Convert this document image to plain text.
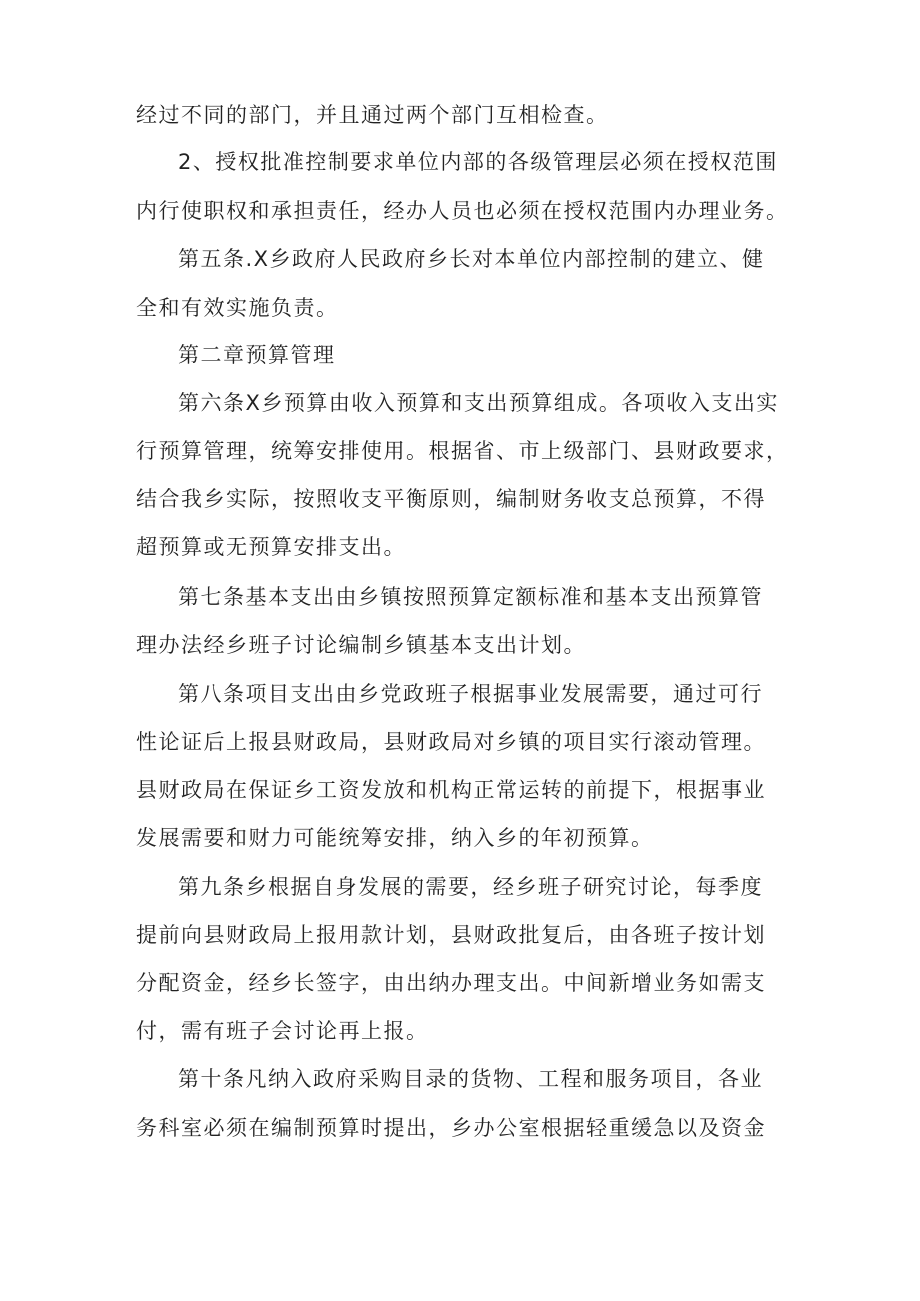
经过不同的部门，并且通过两个部门互相检查。
2、授权批准控制要求单位内部的各级管理层必须在授权范围
内行使职权和承担责任，经办人员也必须在授权范围内办理业务。
第五条.X乡政府人民政府乡长对本单位内部控制的建立、健
全和有效实施负责。
第二章预算管理
第六条X乡预算由收入预算和支出预算组成。各项收入支出实
行预算管理，统筹安排使用。根据省、市上级部门、县财政要求，
结合我乡实际，按照收支平衡原则，编制财务收支总预算，不得
超预算或无预算安排支出。
第七条基本支出由乡镇按照预算定额标准和基本支出预算管
理办法经乡班子讨论编制乡镇基本支出计划。
第八条项目支出由乡党政班子根据事业发展需要，通过可行
性论证后上报县财政局，县财政局对乡镇的项目实行滚动管理。
县财政局在保证乡工资发放和机构正常运转的前提下，根据事业
发展需要和财力可能统筹安排，纳入乡的年初预算。
第九条乡根据自身发展的需要，经乡班子研究讨论，每季度
提前向县财政局上报用款计划，县财政批复后，由各班子按计划
分配资金，经乡长签字，由出纳办理支出。中间新增业务如需支
付，需有班子会讨论再上报。
第十条凡纳入政府采购目录的货物、工程和服务项目，各业
务科室必须在编制预算时提出，乡办公室根据轻重缓急以及资金
